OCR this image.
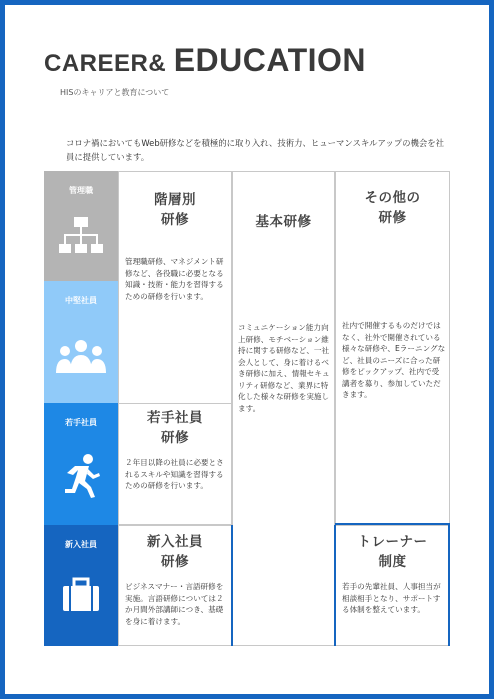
CAREER& EDUCATION
HISのキャリアと教育について
コロナ禍においてもWeb研修などを積極的に取り入れ、技術力、ヒューマンスキルアップの機会を社員に提供しています。
管理職
中堅社員
若手社員
新入社員
階層別
研修

管理職研修、マネジメント研修など、各役職に必要となる知識・技術・能力を習得するための研修を行います。

基本研修

コミュニケーション能力向上研修、モチベーション維持に関する研修など、一社会人として、身に着けるべき研修に加え、情報セキュリティ研修など、業界に特化した様々な研修を実施します。

その他の
研修

社内で開催するものだけではなく、社外で開催されている様々な研修や、Eラーニングなど、社員のニーズに合った研修をピックアップ、社内で受講者を募り、参加していただきます。

若手社員
研修

２年目以降の社員に必要とされるスキルや知識を習得するための研修を行います。

新入社員
研修

ビジネスマナー・言語研修を実施。言語研修については２か月間外部講師につき、基礎を身に着けます。

トレーナー
制度

若手の先輩社員、人事担当が相談相手となり、サポートする体制を整えています。
